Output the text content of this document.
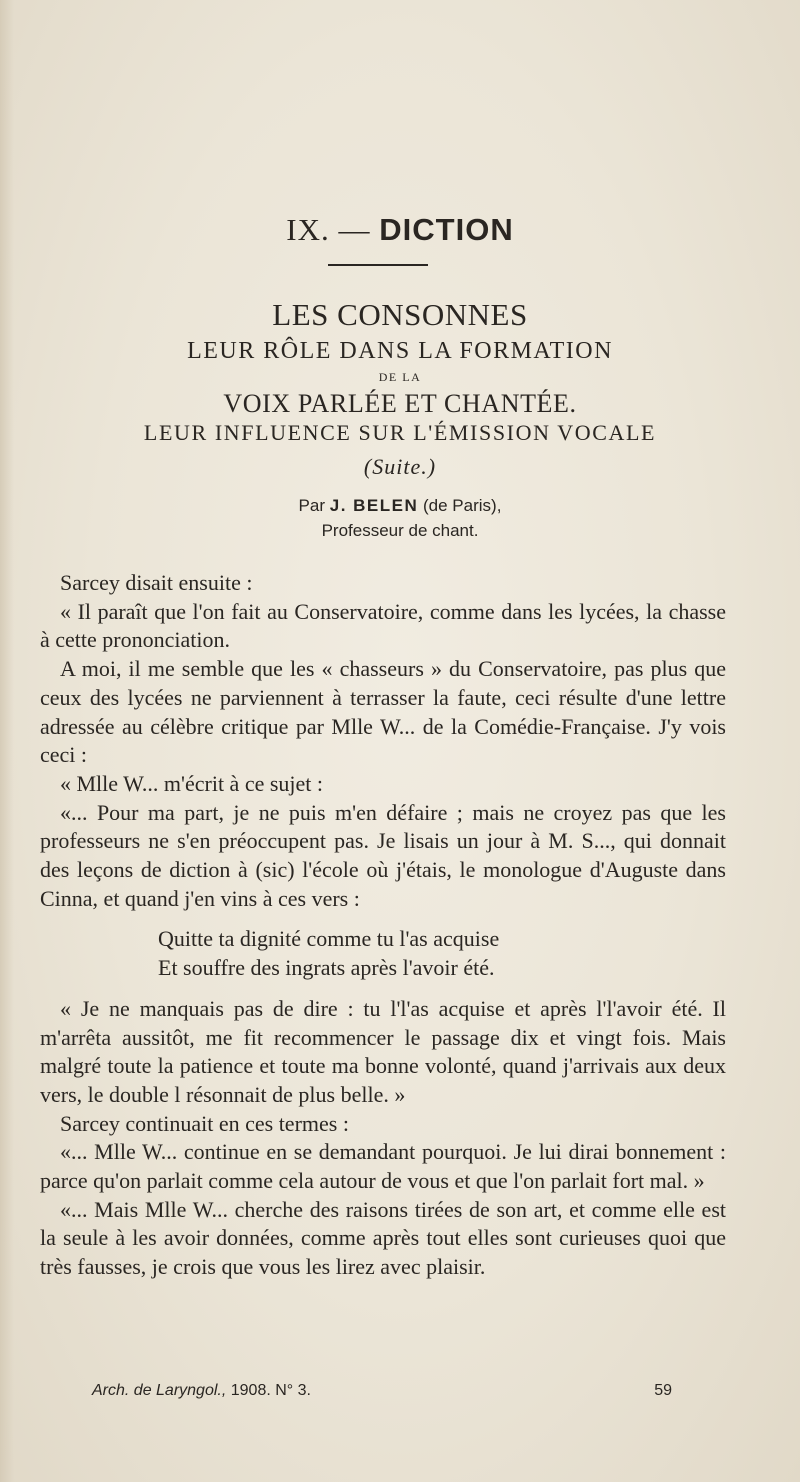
IX. — DICTION
LES CONSONNES
LEUR RÔLE DANS LA FORMATION
DE LA
VOIX PARLÉE ET CHANTÉE.
LEUR INFLUENCE SUR L'ÉMISSION VOCALE
(Suite.)
Par J. BELEN (de Paris),
Professeur de chant.

Sarcey disait ensuite :

« Il paraît que l'on fait au Conservatoire, comme dans les lycées, la chasse à cette prononciation.

A moi, il me semble que les « chasseurs » du Conservatoire, pas plus que ceux des lycées ne parviennent à terrasser la faute, ceci résulte d'une lettre adressée au célèbre critique par Mlle W... de la Comédie-Française. J'y vois ceci :

« Mlle W... m'écrit à ce sujet :

«... Pour ma part, je ne puis m'en défaire ; mais ne croyez pas que les professeurs ne s'en préoccupent pas. Je lisais un jour à M. S..., qui donnait des leçons de diction à (sic) l'école où j'étais, le monologue d'Auguste dans Cinna, et quand j'en vins à ces vers :

Quitte ta dignité comme tu l'as acquise

Et souffre des ingrats après l'avoir été.

« Je ne manquais pas de dire : tu l'l'as acquise et après l'l'avoir été. Il m'arrêta aussitôt, me fit recommencer le passage dix et vingt fois. Mais malgré toute la patience et toute ma bonne volonté, quand j'arrivais aux deux vers, le double l résonnait de plus belle. »

Sarcey continuait en ces termes :

«... Mlle W... continue en se demandant pourquoi. Je lui dirai bonnement : parce qu'on parlait comme cela autour de vous et que l'on parlait fort mal. »

«... Mais Mlle W... cherche des raisons tirées de son art, et comme elle est la seule à les avoir données, comme après tout elles sont curieuses quoi que très fausses, je crois que vous les lirez avec plaisir.

Arch. de Laryngol., 1908. N° 3.	59
